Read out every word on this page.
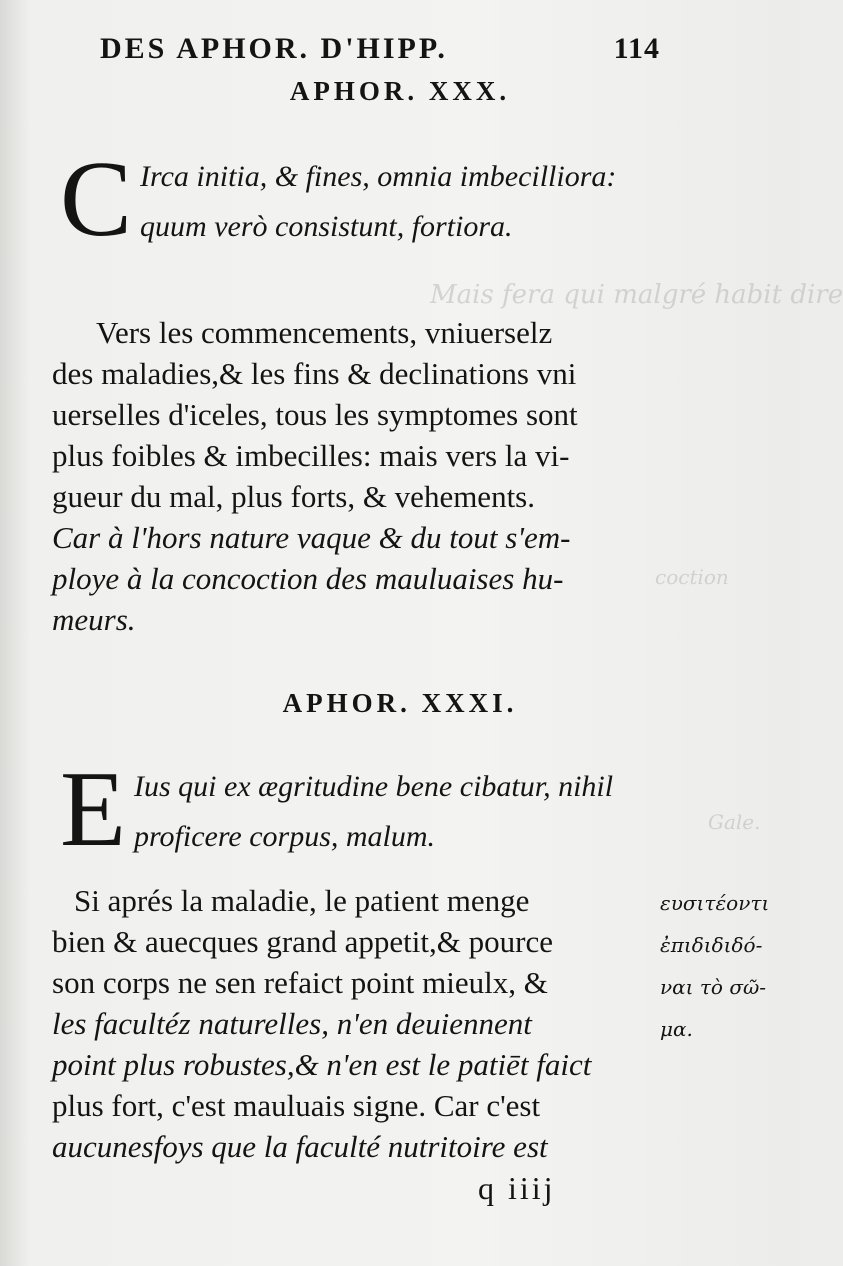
Mais fera qui malgré habit dire
coction
Gale.
DES APHOR. D'HIPP.	114
APHOR. XXX.
C Irca initia, & fines, omnia imbecilliora: quum verò consistunt, fortiora.
Vers les commencements, vniuerselz
des maladies,& les fins & declinations vni
uerselles d'iceles, tous les symptomes sont
plus foibles & imbecilles: mais vers la vi-
gueur du mal, plus forts, & vehements.
Car à l'hors nature vaque & du tout s'em-
ploye à la concoction des mauluaises hu-
meurs.
APHOR. XXXI.
E Ius qui ex ægritudine bene cibatur, nihil proficere corpus, malum.
Si aprés la maladie, le patient menge
bien & auecques grand appetit,& pource
son corps ne sen refaict point mieulx, &
les facultéz naturelles, n'en deuiennent
point plus robustes,& n'en est le patiēt faict
plus fort, c'est mauluais signe. Car c'est
aucunesfoys que la faculté nutritoire est
ευσιτέοντι
ἐπιδιδιδό-
ναι τὸ σῶ-
μα.
q iiij
